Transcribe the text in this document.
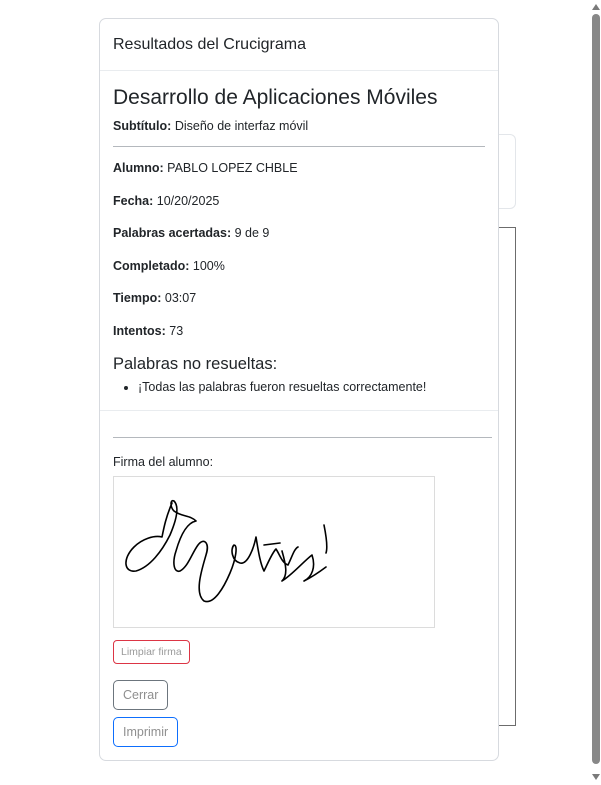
Resultados del Crucigrama
Desarrollo de Aplicaciones Móviles
Subtítulo: Diseño de interfaz móvil
Alumno: PABLO LOPEZ CHBLE
Fecha: 10/20/2025
Palabras acertadas: 9 de 9
Completado: 100%
Tiempo: 03:07
Intentos: 73
Palabras no resueltas:
• ¡Todas las palabras fueron resueltas correctamente!
Firma del alumno:
Limpiar firma
Cerrar
Imprimir
